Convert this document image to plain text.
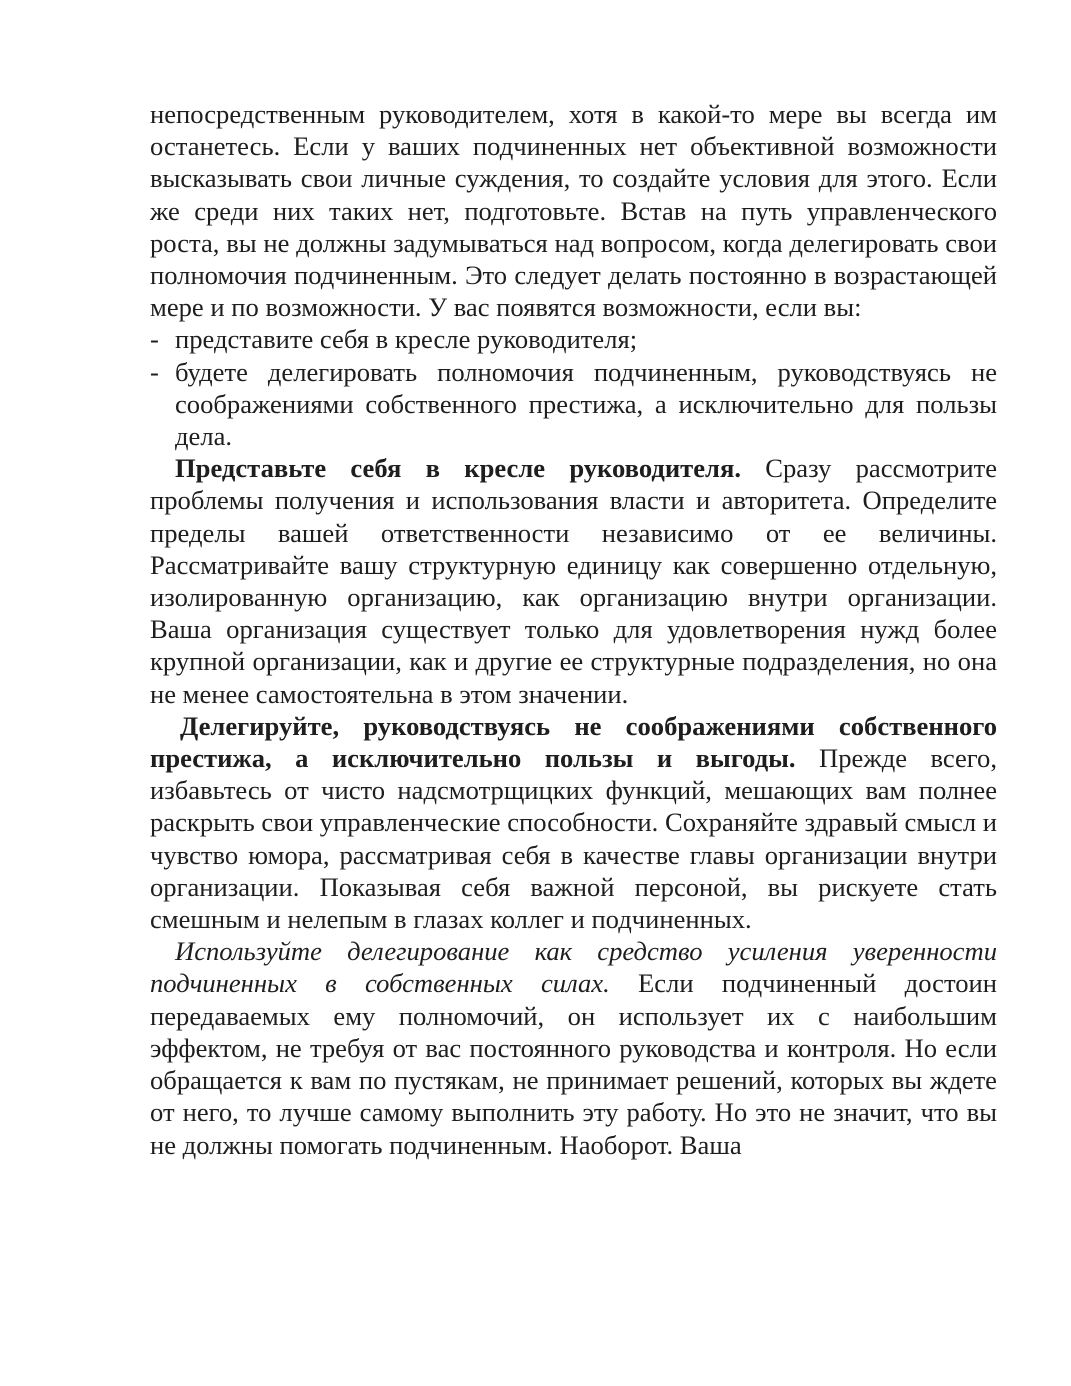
непосредственным руководителем, хотя в какой-то мере вы всегда им останетесь. Если у ваших подчиненных нет объективной возможности высказывать свои личные суждения, то создайте условия для этого. Если же среди них таких нет, подготовьте. Встав на путь управленческого роста, вы не должны задумываться над вопросом, когда делегировать свои полномочия подчиненным. Это следует делать постоянно в возрастающей мере и по возможности. У вас появятся возможности, если вы:

- представите себя в кресле руководителя;
- будете делегировать полномочия подчиненным, руководствуясь не соображениями собственного престижа, а исключительно для пользы дела.

Представьте себя в кресле руководителя. Сразу рассмотрите проблемы получения и использования власти и авторитета. Определите пределы вашей ответственности независимо от ее величины. Рассматривайте вашу структурную единицу как совершенно отдельную, изолированную организацию, как организацию внутри организации. Ваша организация существует только для удовлетворения нужд более крупной организации, как и другие ее структурные подразделения, но она не менее самостоятельна в этом значении.

Делегируйте, руководствуясь не соображениями собственного престижа, а исключительно пользы и выгоды. Прежде всего, избавьтесь от чисто надсмотрщицких функций, мешающих вам полнее раскрыть свои управленческие способности. Сохраняйте здравый смысл и чувство юмора, рассматривая себя в качестве главы организации внутри организации. Показывая себя важной персоной, вы рискуете стать смешным и нелепым в глазах коллег и подчиненных.

Используйте делегирование как средство усиления уверенности подчиненных в собственных силах. Если подчиненный достоин передаваемых ему полномочий, он использует их с наибольшим эффектом, не требуя от вас постоянного руководства и контроля. Но если обращается к вам по пустякам, не принимает решений, которых вы ждете от него, то лучше самому выполнить эту работу. Но это не значит, что вы не должны помогать подчиненным. Наоборот. Ваша
